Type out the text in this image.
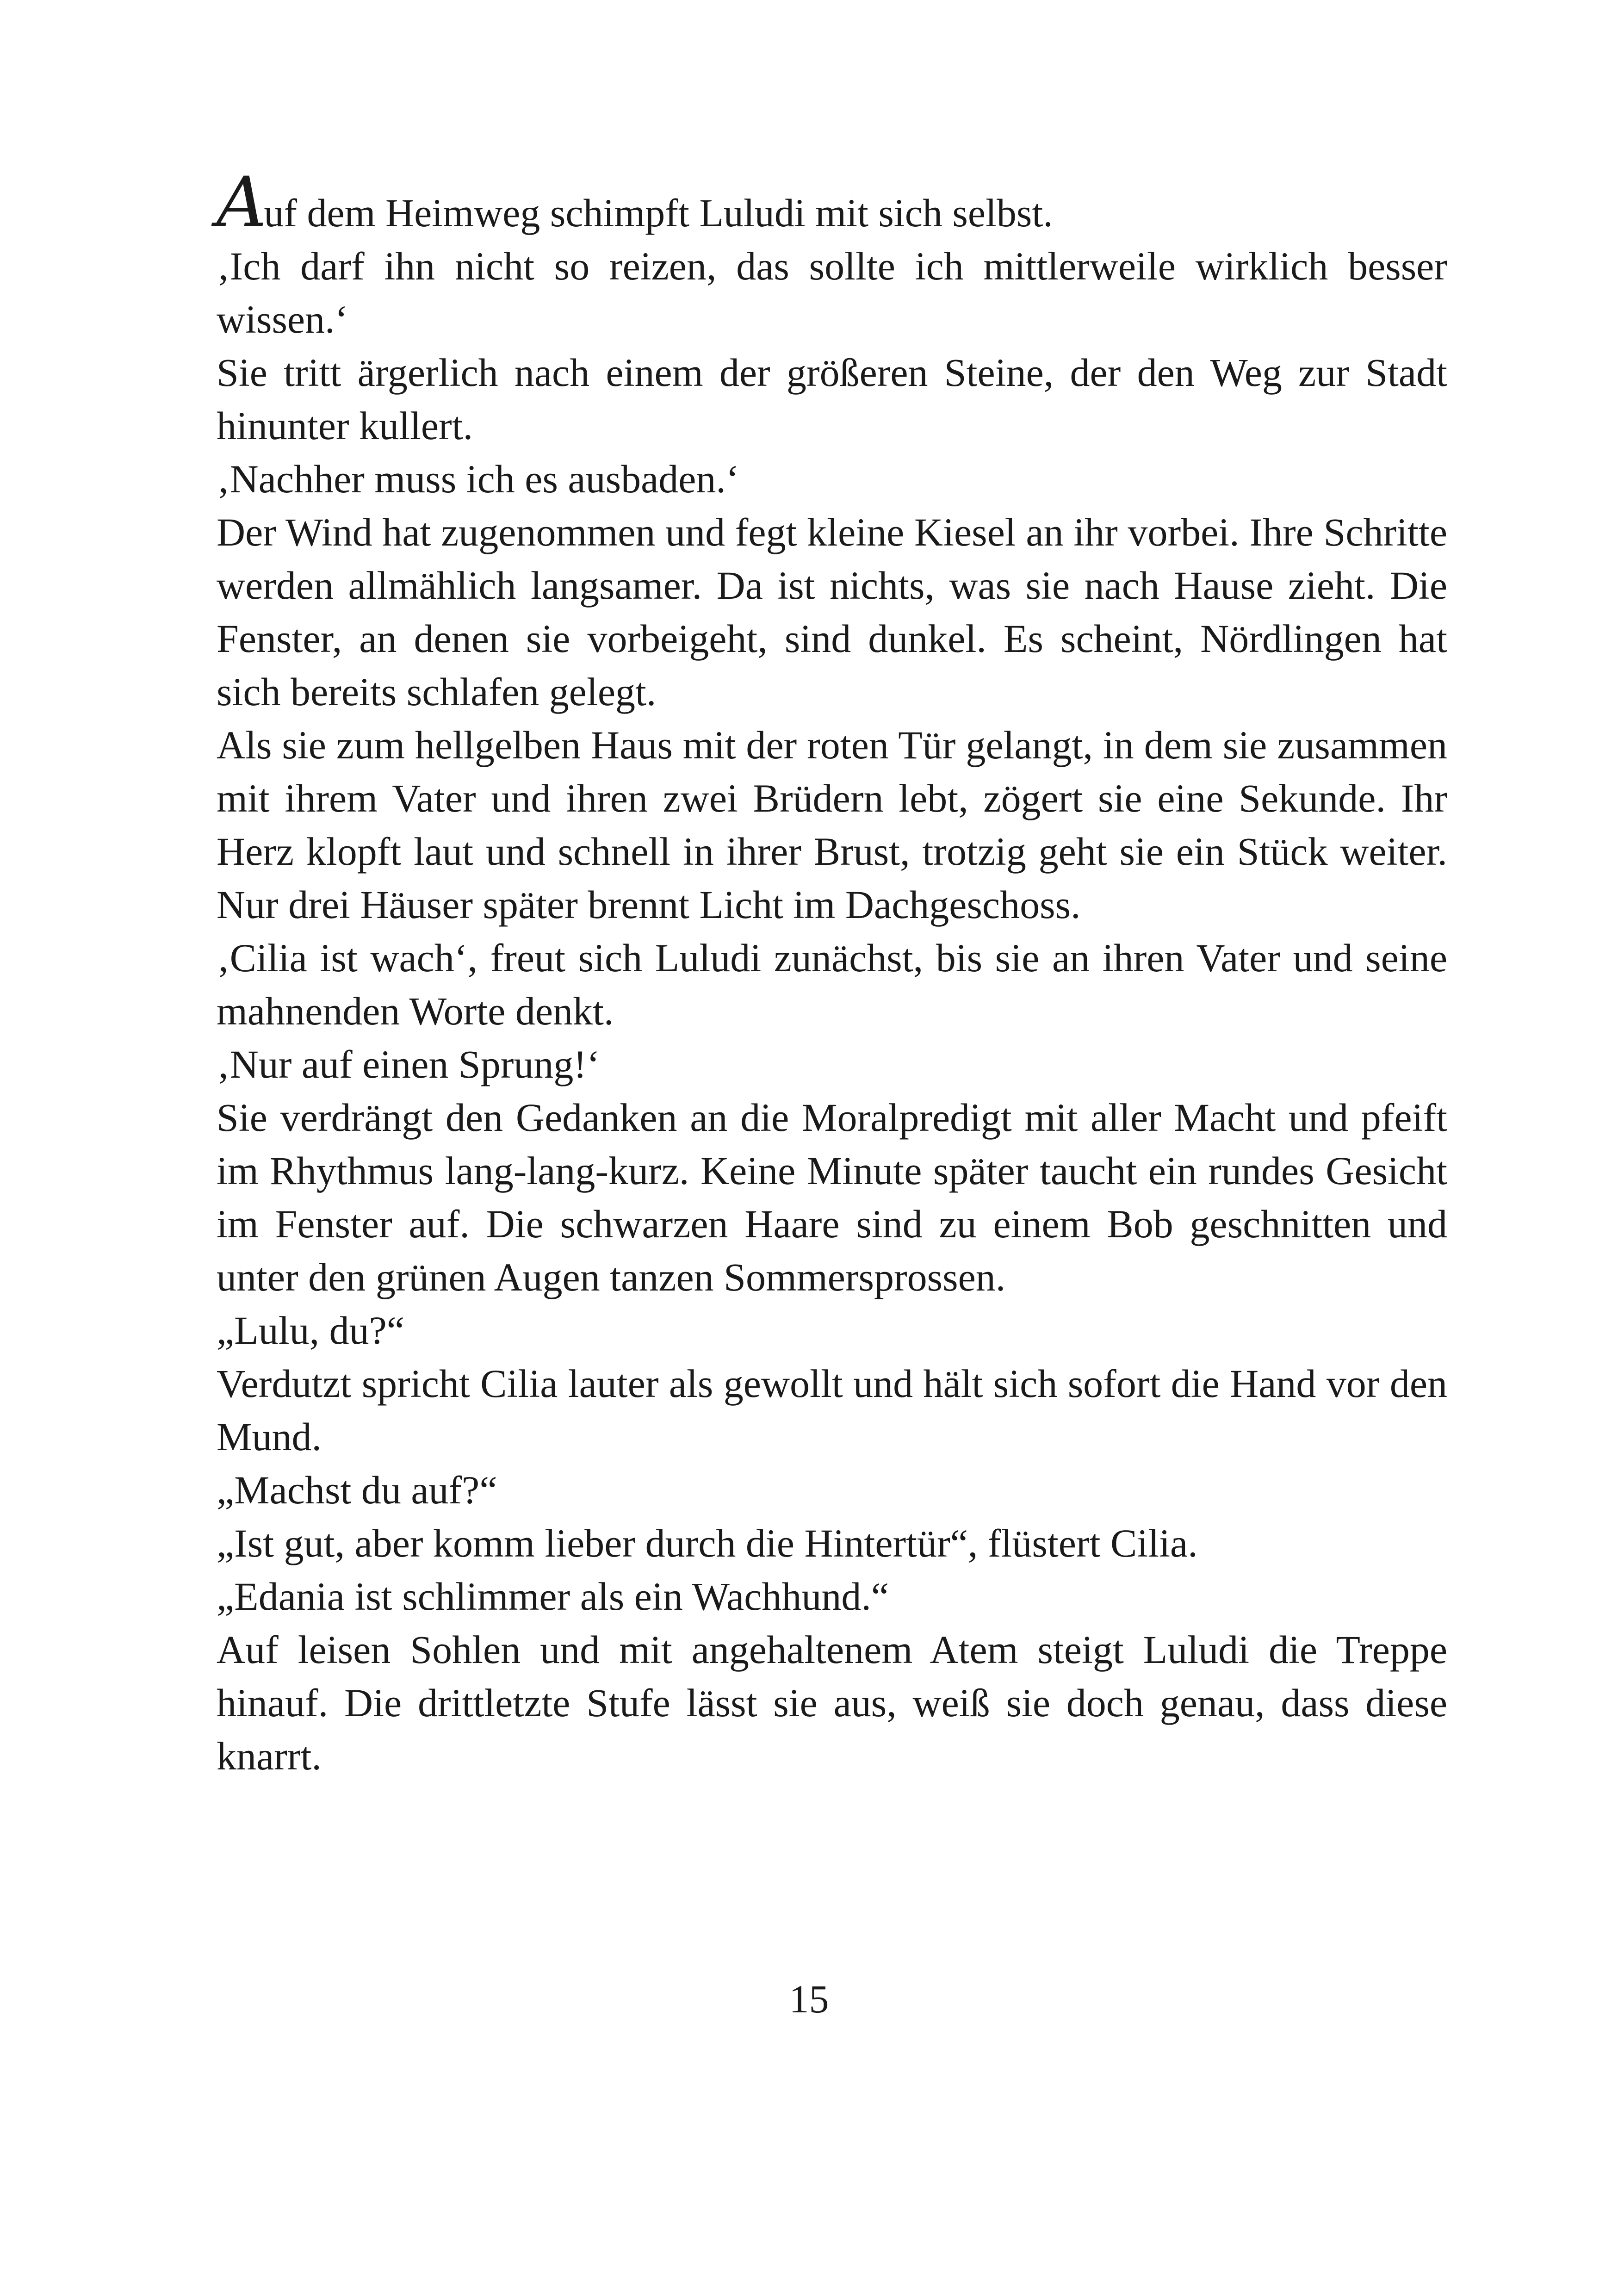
Auf dem Heimweg schimpft Luludi mit sich selbst.

‚Ich darf ihn nicht so reizen, das sollte ich mittlerweile wirklich besser wissen.‘

Sie tritt ärgerlich nach einem der größeren Steine, der den Weg zur Stadt hinunter kullert.

‚Nachher muss ich es ausbaden.‘

Der Wind hat zugenommen und fegt kleine Kiesel an ihr vorbei. Ihre Schritte werden allmählich langsamer. Da ist nichts, was sie nach Hause zieht. Die Fenster, an denen sie vorbeigeht, sind dunkel. Es scheint, Nördlingen hat sich bereits schlafen gelegt.

Als sie zum hellgelben Haus mit der roten Tür gelangt, in dem sie zusammen mit ihrem Vater und ihren zwei Brüdern lebt, zögert sie eine Sekunde. Ihr Herz klopft laut und schnell in ihrer Brust, trotzig geht sie ein Stück weiter. Nur drei Häuser später brennt Licht im Dachgeschoss.

‚Cilia ist wach‘, freut sich Luludi zunächst, bis sie an ihren Vater und seine mahnenden Worte denkt.

‚Nur auf einen Sprung!‘

Sie verdrängt den Gedanken an die Moralpredigt mit aller Macht und pfeift im Rhythmus lang-lang-kurz. Keine Minute später taucht ein rundes Gesicht im Fenster auf. Die schwarzen Haare sind zu einem Bob geschnitten und unter den grünen Augen tanzen Sommersprossen.

„Lulu, du?“

Verdutzt spricht Cilia lauter als gewollt und hält sich sofort die Hand vor den Mund.

„Machst du auf?“

„Ist gut, aber komm lieber durch die Hintertür“, flüstert Cilia.

„Edania ist schlimmer als ein Wachhund.“

Auf leisen Sohlen und mit angehaltenem Atem steigt Luludi die Treppe hinauf. Die drittletzte Stufe lässt sie aus, weiß sie doch genau, dass diese knarrt.

15
